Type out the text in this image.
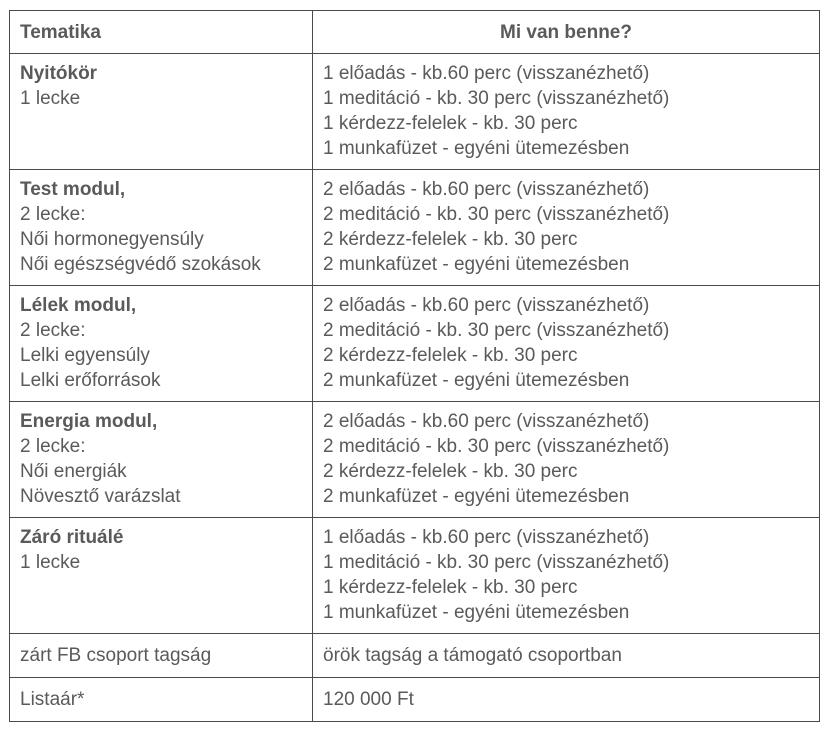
Tematika	Mi van benne?

Nyitókör
1 lecke	1 előadás - kb.60 perc (visszanézhető)
1 meditáció - kb. 30 perc (visszanézhető)
1 kérdezz-felelek - kb. 30 perc
1 munkafüzet - egyéni ütemezésben

Test modul,
2 lecke:
Női hormonegyensúly
Női egészségvédő szokások	2 előadás - kb.60 perc (visszanézhető)
2 meditáció - kb. 30 perc (visszanézhető)
2 kérdezz-felelek - kb. 30 perc
2 munkafüzet - egyéni ütemezésben

Lélek modul,
2 lecke:
Lelki egyensúly
Lelki erőforrások	2 előadás - kb.60 perc (visszanézhető)
2 meditáció - kb. 30 perc (visszanézhető)
2 kérdezz-felelek - kb. 30 perc
2 munkafüzet - egyéni ütemezésben

Energia modul,
2 lecke:
Női energiák
Növesztő varázslat	2 előadás - kb.60 perc (visszanézhető)
2 meditáció - kb. 30 perc (visszanézhető)
2 kérdezz-felelek - kb. 30 perc
2 munkafüzet - egyéni ütemezésben

Záró rituálé
1 lecke	1 előadás - kb.60 perc (visszanézhető)
1 meditáció - kb. 30 perc (visszanézhető)
1 kérdezz-felelek - kb. 30 perc
1 munkafüzet - egyéni ütemezésben

zárt FB csoport tagság	örök tagság a támogató csoportban
Listaár*	120 000 Ft
